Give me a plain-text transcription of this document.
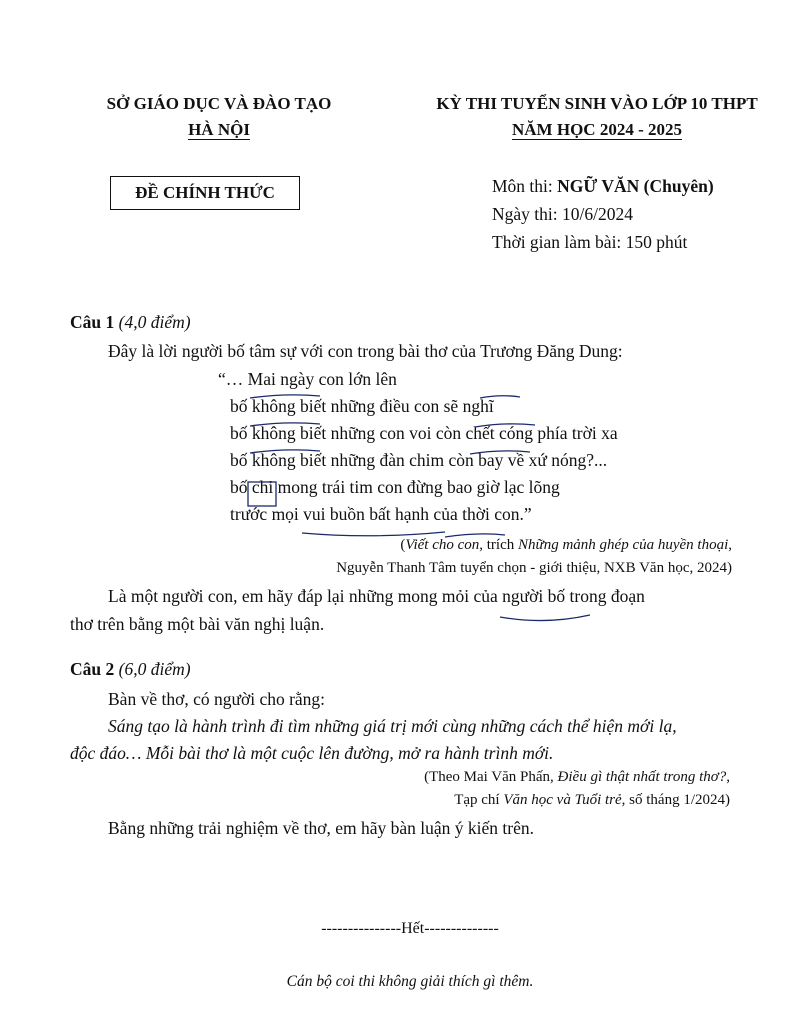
SỞ GIÁO DỤC VÀ ĐÀO TẠO
HÀ NỘI
KỲ THI TUYỂN SINH VÀO LỚP 10 THPT
NĂM HỌC 2024 - 2025
ĐỀ CHÍNH THỨC	Môn thi: NGỮ VĂN (Chuyên)
Ngày thi: 10/6/2024
Thời gian làm bài: 150 phút
Câu 1 (4,0 điểm)
Đây là lời người bố tâm sự với con trong bài thơ của Trương Đăng Dung:
“… Mai ngày con lớn lên
bố không biết những điều con sẽ nghĩ
bố không biết những con voi còn chết cóng phía trời xa
bố không biết những đàn chim còn bay về xứ nóng?...
bố chỉ mong trái tim con đừng bao giờ lạc lõng
trước mọi vui buồn bất hạnh của thời con.”
(Viết cho con, trích Những mảnh ghép của huyền thoại,
Nguyễn Thanh Tâm tuyển chọn - giới thiệu, NXB Văn học, 2024)
Là một người con, em hãy đáp lại những mong mỏi của người bố trong đoạn
thơ trên bằng một bài văn nghị luận.
Câu 2 (6,0 điểm)
Bàn về thơ, có người cho rằng:
Sáng tạo là hành trình đi tìm những giá trị mới cùng những cách thể hiện mới lạ,
độc đáo… Mỗi bài thơ là một cuộc lên đường, mở ra hành trình mới.
(Theo Mai Văn Phấn, Điều gì thật nhất trong thơ?,
Tạp chí Văn học và Tuổi trẻ, số tháng 1/2024)
Bằng những trải nghiệm về thơ, em hãy bàn luận ý kiến trên.
---------------Hết--------------
Cán bộ coi thi không giải thích gì thêm.
